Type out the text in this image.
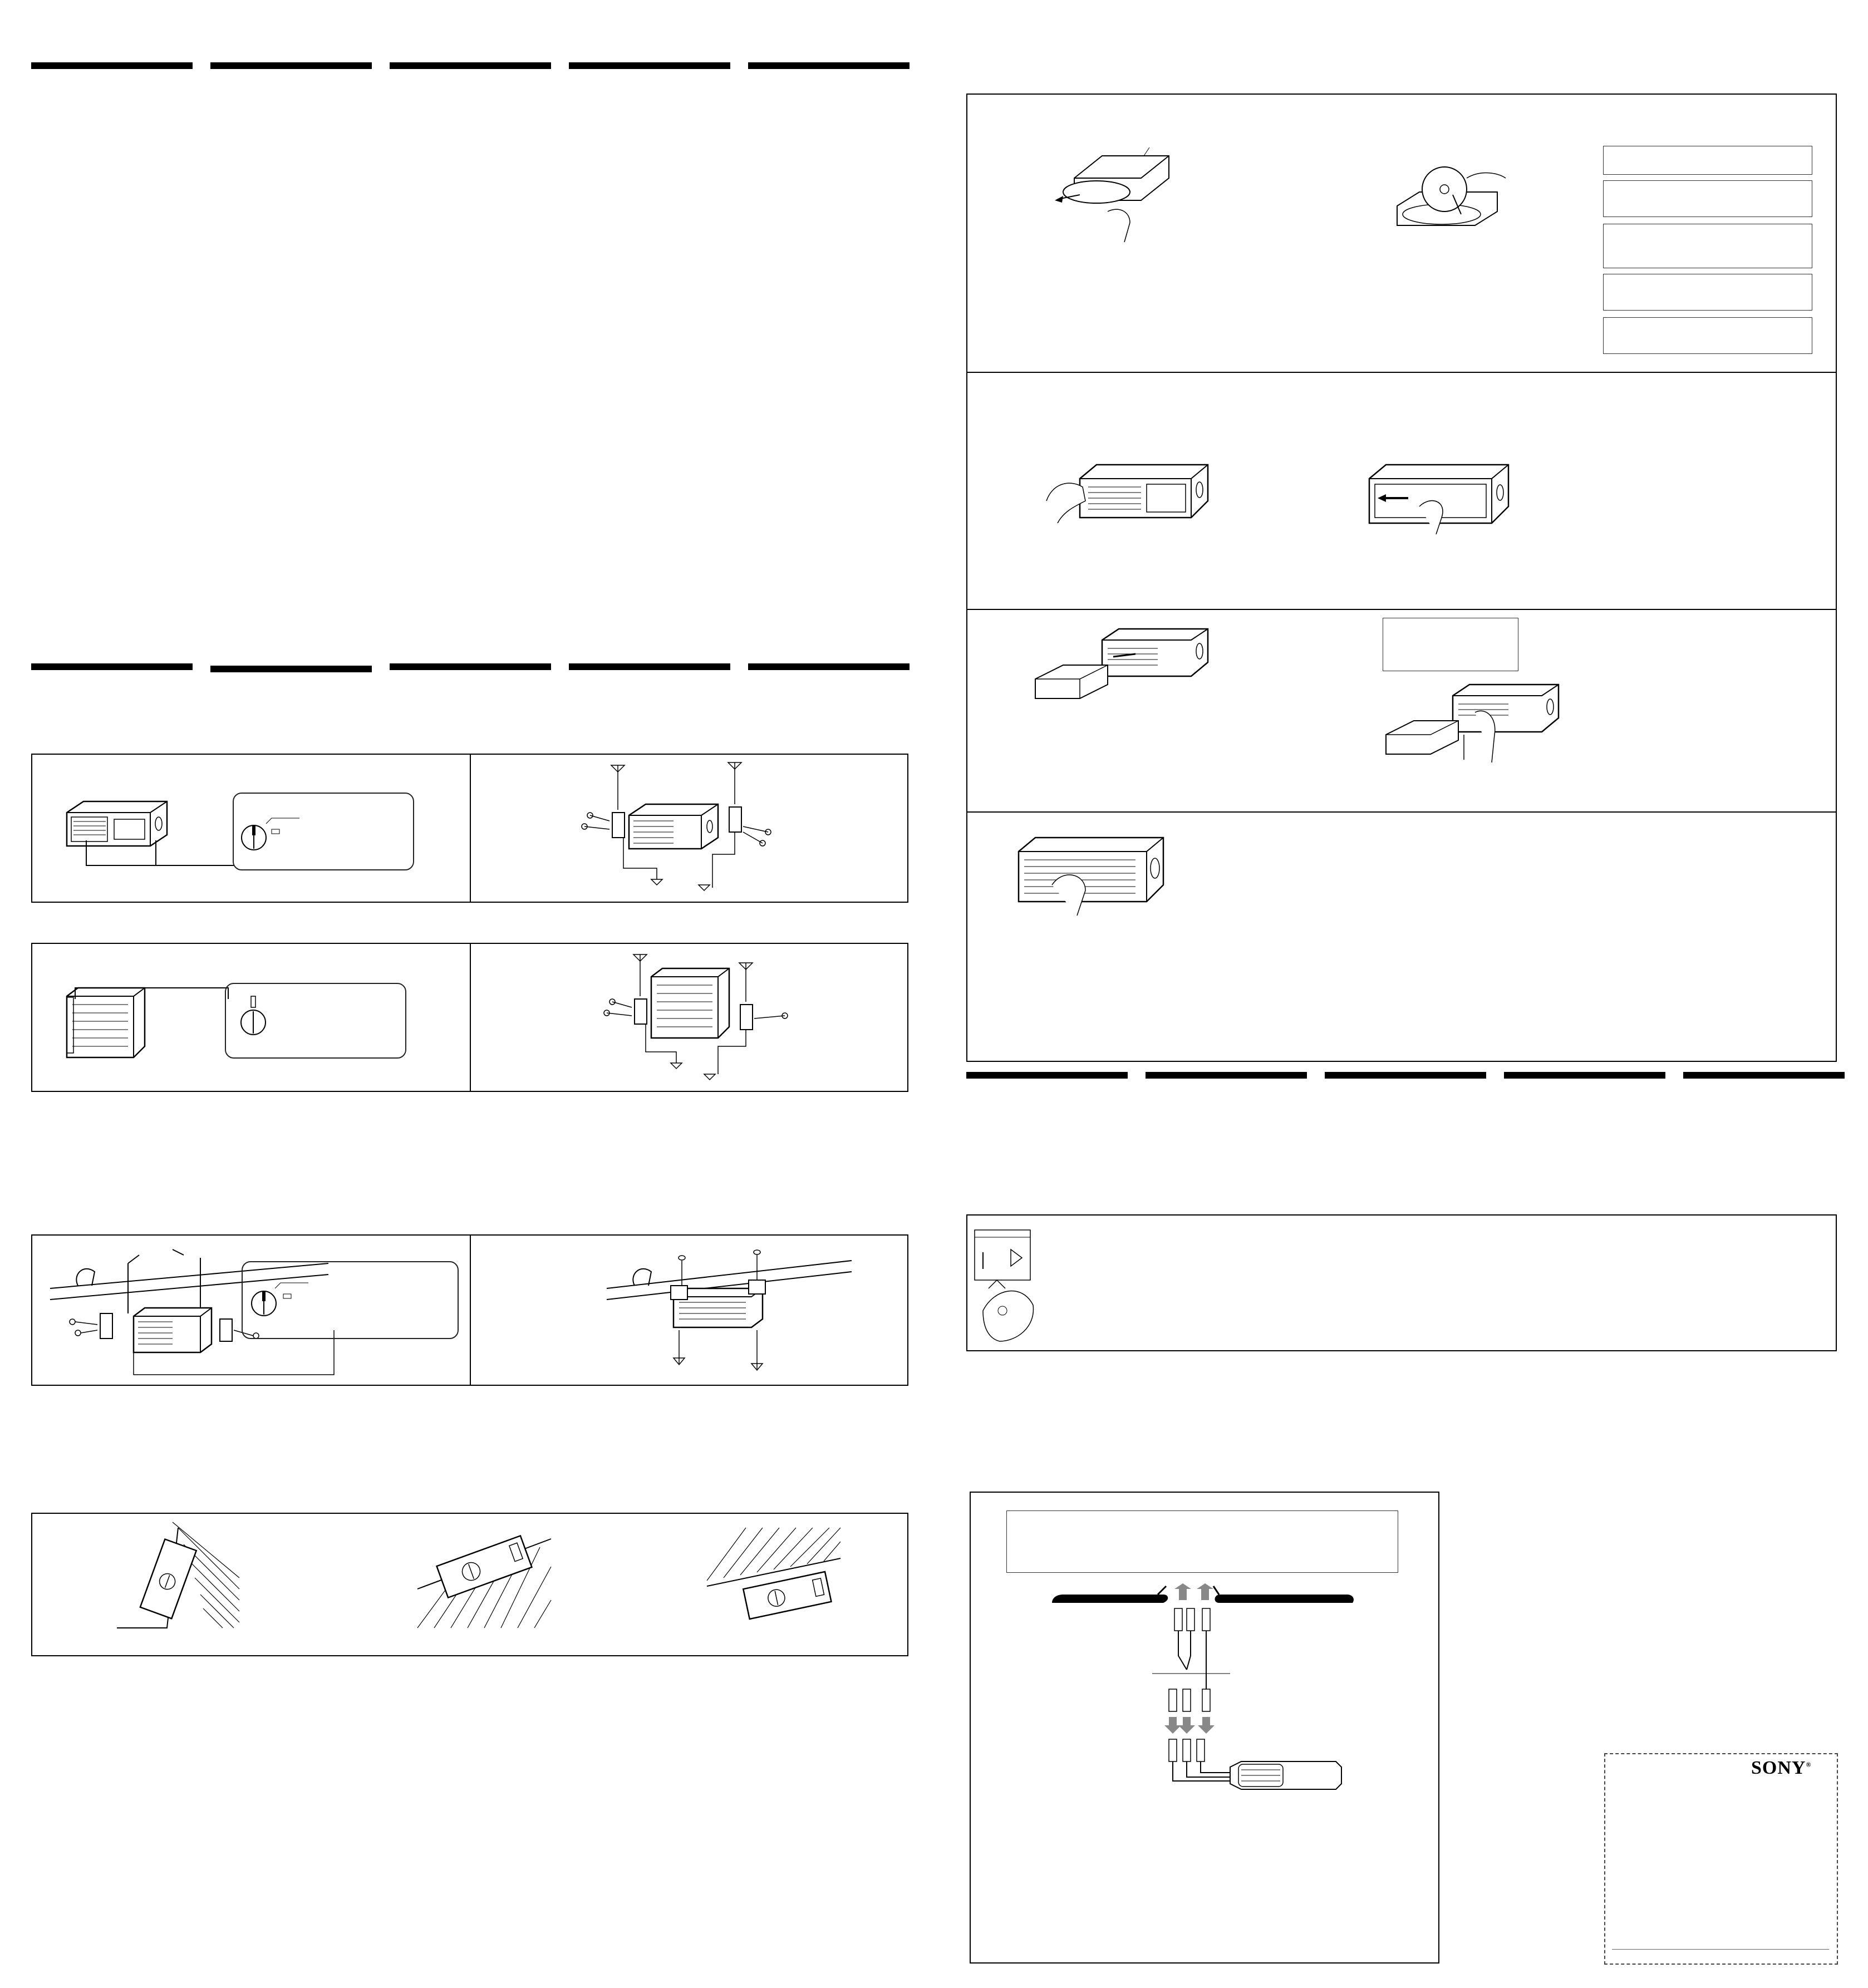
SONY®
